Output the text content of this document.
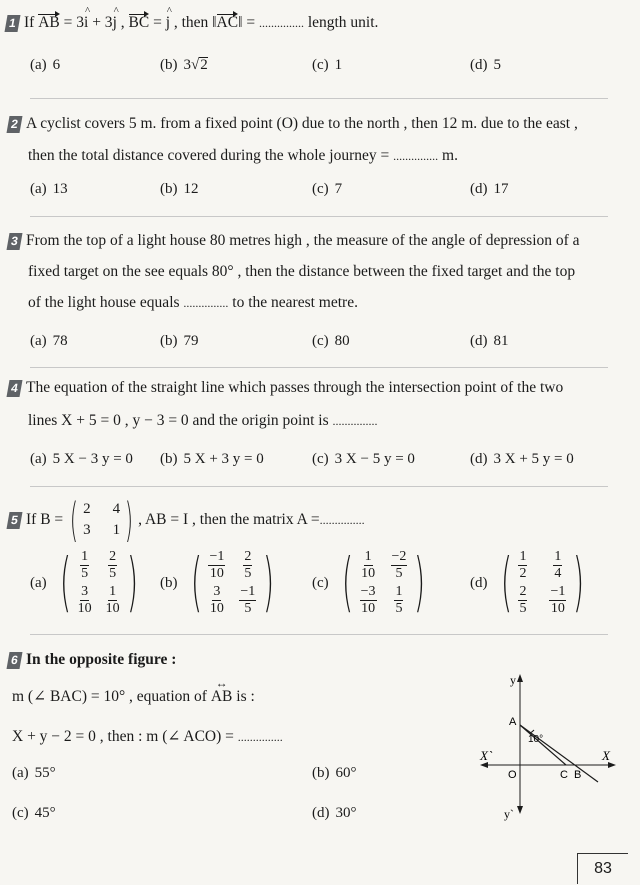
1 If AB = 3^ i + 3^ j , BC = ^ j , then ‖AC‖ = ............... length unit.
(a) 6	(b) 3√2	(c) 1	(d) 5
2 A cyclist covers 5 m. from a fixed point (O) due to the north , then 12 m. due to the east ,
then the total distance covered during the whole journey = ............... m.
(a) 13	(b) 12	(c) 7	(d) 17
3 From the top of a light house 80 metres high , the measure of the angle of depression of a
fixed target on the see equals 80° , then the distance between the fixed target and the top
of the light house equals ............... to the nearest metre.
(a) 78	(b) 79	(c) 80	(d) 81
4 The equation of the straight line which passes through the intersection point of the two
lines X + 5 = 0 , y − 3 = 0 and the origin point is ...............
(a) 5 X − 3 y = 0 (b) 5 X + 3 y = 0	(c) 3 X − 5 y = 0	(d) 3 X + 5 y = 0
5 If B = ( 2 4
3 1 ) , AB = I , then the matrix A = ...............
(a) ( $\frac{1}{5} \frac{2}{5}$
$\frac{3}{10} \frac{1}{10}$ ) (b) ( $\frac{-1}{10} \frac{2}{5}$
$\frac{3}{10} \frac{-1}{5}$ )	(c) ( $\frac{1}{10} \frac{-2}{5}$
$\frac{-3}{10} \frac{1}{5}$ )	(d) ( $\frac{1}{2} \frac{1}{4}$
$\frac{2}{5} \frac{-1}{10}$ )
6 In the opposite figure :
m (∠ BAC) = 10° , equation of ↔ AB is :
X + y − 2 = 0 , then : m (∠ ACO) = ...............
(a) 55°	(b) 60°
(c) 45°	(d) 30°
y
y`
X
X`
O
A
C B
10°
83
